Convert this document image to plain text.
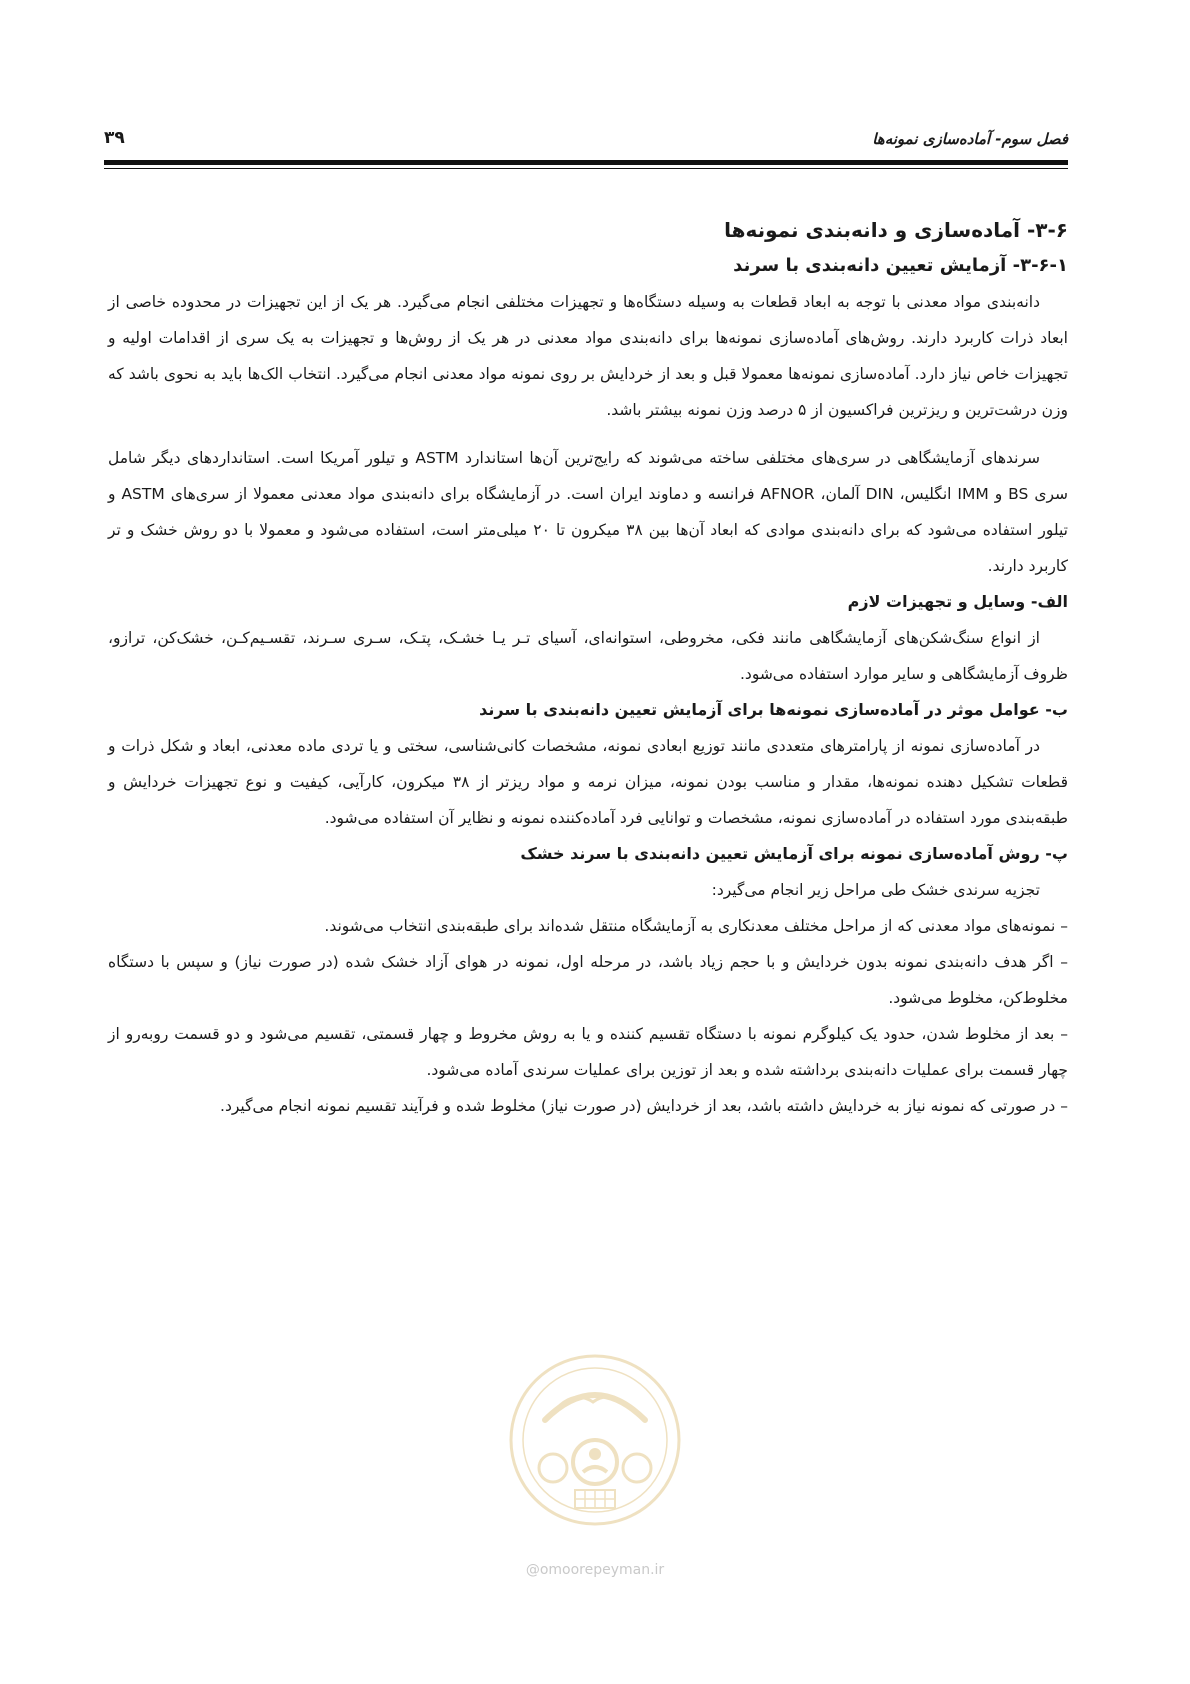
فصل سوم- آماده‌سازی نمونه‌ها
۳۹

۳-۶- آماده‌سازی و دانه‌بندی نمونه‌ها

۳-۶-۱- آزمایش تعیین دانه‌بندی با سرند

دانه‌بندی مواد معدنی با توجه به ابعاد قطعات به وسیله دستگاه‌ها و تجهیزات مختلفی انجام می‌گیرد. هر یک از این تجهیزات در محدوده خاصی از ابعاد ذرات کاربرد دارند. روش‌های آماده‌سازی نمونه‌ها برای دانه‌بندی مواد معدنی در هر یک از روش‌ها و تجهیزات به یک سری از اقدامات اولیه و تجهیزات خاص نیاز دارد. آماده‌سازی نمونه‌ها معمولا قبل و بعد از خردایش بر روی نمونه مواد معدنی انجام می‌گیرد. انتخاب الک‌ها باید به نحوی باشد که وزن درشت‌ترین و ریزترین فراکسیون از ۵ درصد وزن نمونه بیشتر باشد.

سرندهای آزمایشگاهی در سری‌های مختلفی ساخته می‌شوند که رایج‌ترین آن‌ها استاندارد ASTM و تیلور آمریکا است. استانداردهای دیگر شامل سری BS و IMM انگلیس، DIN آلمان، AFNOR فرانسه و دماوند ایران است. در آزمایشگاه برای دانه‌بندی مواد معدنی معمولا از سری‌های ASTM و تیلور استفاده می‌شود که برای دانه‌بندی موادی که ابعاد آن‌ها بین ۳۸ میکرون تا ۲۰ میلی‌متر است، استفاده می‌شود و معمولا با دو روش خشک و تر کاربرد دارند.

الف- وسایل و تجهیزات لازم

از انواع سنگ‌شکن‌های آزمایشگاهی مانند فکی، مخروطی، استوانه‌ای، آسیای تـر یـا خشـک، پتـک، سـری سـرند، تقسـیم‌کـن، خشک‌کن، ترازو، ظروف آزمایشگاهی و سایر موارد استفاده می‌شود.

ب- عوامل موثر در آماده‌سازی نمونه‌ها برای آزمایش تعیین دانه‌بندی با سرند

در آماده‌سازی نمونه از پارامترهای متعددی مانند توزیع ابعادی نمونه، مشخصات کانی‌شناسی، سختی و یا تردی ماده معدنی، ابعاد و شکل ذرات و قطعات تشکیل دهنده نمونه‌ها، مقدار و مناسب بودن نمونه، میزان نرمه و مواد ریزتر از ۳۸ میکرون، کارآیی، کیفیت و نوع تجهیزات خردایش و طبقه‌بندی مورد استفاده در آماده‌سازی نمونه، مشخصات و توانایی فرد آماده‌کننده نمونه و نظایر آن استفاده می‌شود.

پ- روش آماده‌سازی نمونه برای آزمایش تعیین دانه‌بندی با سرند خشک

تجزیه سرندی خشک طی مراحل زیر انجام می‌گیرد:

– نمونه‌های مواد معدنی که از مراحل مختلف معدنکاری به آزمایشگاه منتقل شده‌اند برای طبقه‌بندی انتخاب می‌شوند.

– اگر هدف دانه‌بندی نمونه بدون خردایش و با حجم زیاد باشد، در مرحله اول، نمونه در هوای آزاد خشک شده (در صورت نیاز) و سپس با دستگاه مخلوط‌کن، مخلوط می‌شود.

– بعد از مخلوط شدن، حدود یک کیلوگرم نمونه با دستگاه تقسیم کننده و یا به روش مخروط و چهار قسمتی، تقسیم می‌شود و دو قسمت روبه‌رو از چهار قسمت برای عملیات دانه‌بندی برداشته شده و بعد از توزین برای عملیات سرندی آماده می‌شود.

– در صورتی که نمونه نیاز به خردایش داشته باشد، بعد از خردایش (در صورت نیاز) مخلوط شده و فرآیند تقسیم نمونه انجام می‌گیرد.

@omoorepeyman.ir
